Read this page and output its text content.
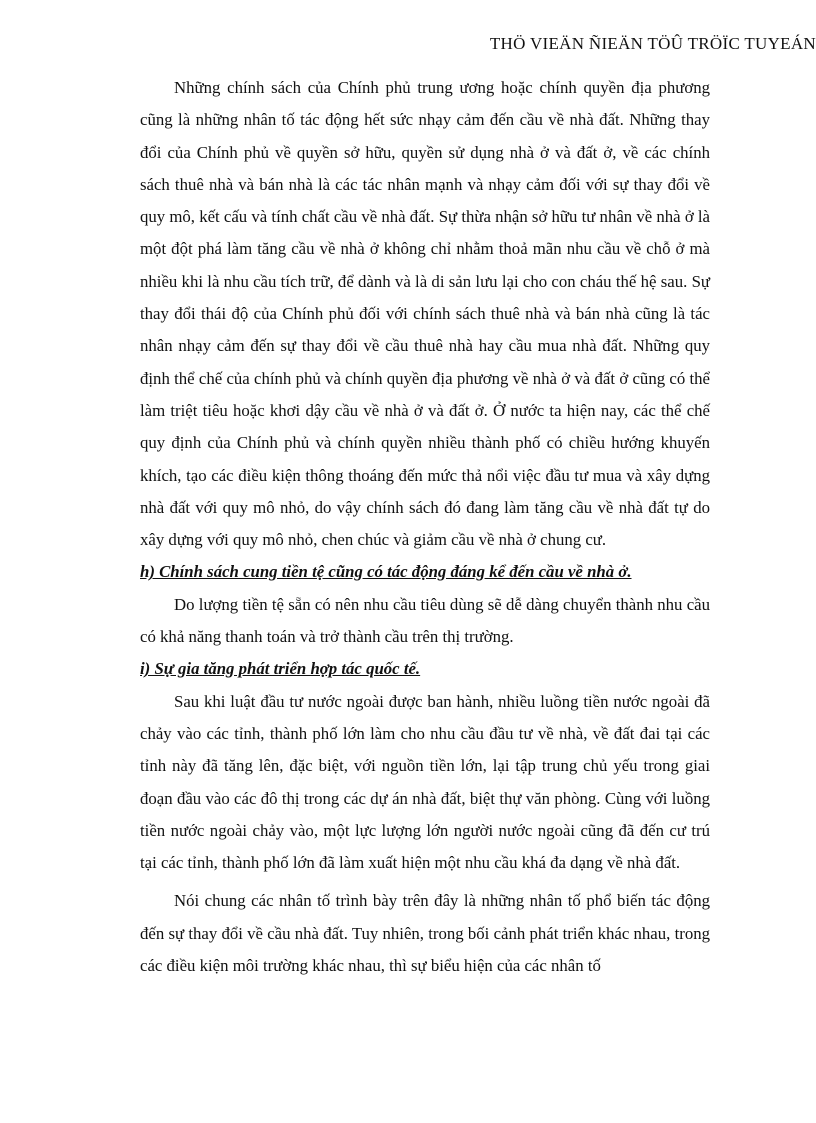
THÖ VIEÄN ÑIEÄN TÖÛ TRÖÏC TUYEÁN

Những chính sách của Chính phủ trung ương hoặc chính quyền địa phương cũng là những nhân tố tác động hết sức nhạy cảm đến cầu về nhà đất. Những thay đổi của Chính phủ về quyền sở hữu, quyền sử dụng nhà ở và đất ở, về các chính sách thuê nhà và bán nhà là các tác nhân mạnh và nhạy cảm đối với sự thay đổi về quy mô, kết cấu và tính chất cầu về nhà đất. Sự thừa nhận sở hữu tư nhân về nhà ở là một đột phá làm tăng cầu về nhà ở không chỉ nhằm thoả mãn nhu cầu về chỗ ở mà nhiều khi là nhu cầu tích trữ, để dành và là di sản lưu lại cho con cháu thế hệ sau. Sự thay đổi thái độ của Chính phủ đối với chính sách thuê nhà và bán nhà cũng là tác nhân nhạy cảm đến sự thay đổi về cầu thuê nhà hay cầu mua nhà đất. Những quy định thể chế của chính phủ và chính quyền địa phương về nhà ở và đất ở cũng có thể làm triệt tiêu hoặc khơi dậy cầu về nhà ở và đất ở. Ở nước ta hiện nay, các thể chế quy định của Chính phủ và chính quyền nhiều thành phố có chiều hướng khuyến khích, tạo các điều kiện thông thoáng đến mức thả nổi việc đầu tư mua và xây dựng nhà đất với quy mô nhỏ, do vậy chính sách đó đang làm tăng cầu về nhà đất tự do xây dựng với quy mô nhỏ, chen chúc và giảm cầu về nhà ở chung cư.

h) Chính sách cung tiền tệ cũng có tác động đáng kể đến cầu về nhà ở.

Do lượng tiền tệ sẵn có nên nhu cầu tiêu dùng sẽ dễ dàng chuyển thành nhu cầu có khả năng thanh toán và trở thành cầu trên thị trường.

i) Sự gia tăng phát triển hợp tác quốc tế.

Sau khi luật đầu tư nước ngoài được ban hành, nhiều luồng tiền nước ngoài đã chảy vào các tỉnh, thành phố lớn làm cho nhu cầu đầu tư về nhà, về đất đai tại các tỉnh này đã tăng lên, đặc biệt, với nguồn tiền lớn, lại tập trung chủ yếu trong giai đoạn đầu vào các đô thị trong các dự án nhà đất, biệt thự văn phòng. Cùng với luồng tiền nước ngoài chảy vào, một lực lượng lớn người nước ngoài cũng đã đến cư trú tại các tỉnh, thành phố lớn đã làm xuất hiện một nhu cầu khá đa dạng về nhà đất.

Nói chung các nhân tố trình bày trên đây là những nhân tố phổ biến tác động đến sự thay đổi về cầu nhà đất. Tuy nhiên, trong bối cảnh phát triển khác nhau, trong các điều kiện môi trường khác nhau, thì sự biểu hiện của các nhân tố
